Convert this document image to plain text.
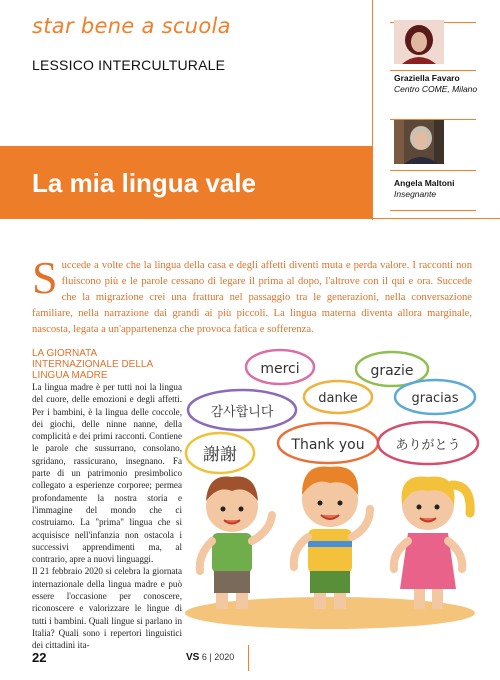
star bene a scuola
LESSICO INTERCULTURALE
La mia lingua vale
Graziella Favaro
Centro COME, Milano
Angela Maltoni
Insegnante
Succede a volte che la lingua della casa e degli affetti diventi muta e perda valore. I racconti non fluiscono più e le parole cessano di legare il prima al dopo, l'altrove con il qui e ora. Succede che la migrazione crei una frattura nel passaggio tra le generazioni, nella conversazione familiare, nella narrazione dai grandi ai più piccoli. La lingua materna diventa allora marginale, nascosta, legata a un'appartenenza che provoca fatica e sofferenza.
LA GIORNATA INTERNAZIONALE DELLA LINGUA MADRE

La lingua madre è per tutti noi la lingua del cuore, delle emozioni e degli affetti. Per i bambini, è la lingua delle coccole, dei giochi, delle ninne nanne, della complicità e dei primi racconti. Contiene le parole che sussurrano, consolano, sgridano, rassicurano, insegnano. Fa parte di un patrimonio presimbolico collegato a esperienze corporee; permea profondamente la nostra storia e l'immagine del mondo che ci costruiamo. La "prima" lingua che si acquisisce nell'infanzia non ostacola i successivi apprendimenti ma, al contrario, apre a nuovi linguaggi.

Il 21 febbraio 2020 si celebra la giornata internazionale della lingua madre e può essere l'occasione per conoscere, riconoscere e valorizzare le lingue di tutti i bambini. Quali lingue si parlano in Italia? Quali sono i repertori linguistici dei cittadini ita-

merci	grazie
danke	gracias
감사합니다
Thank you
謝謝	ありがとう
22	VS 6 | 2020
